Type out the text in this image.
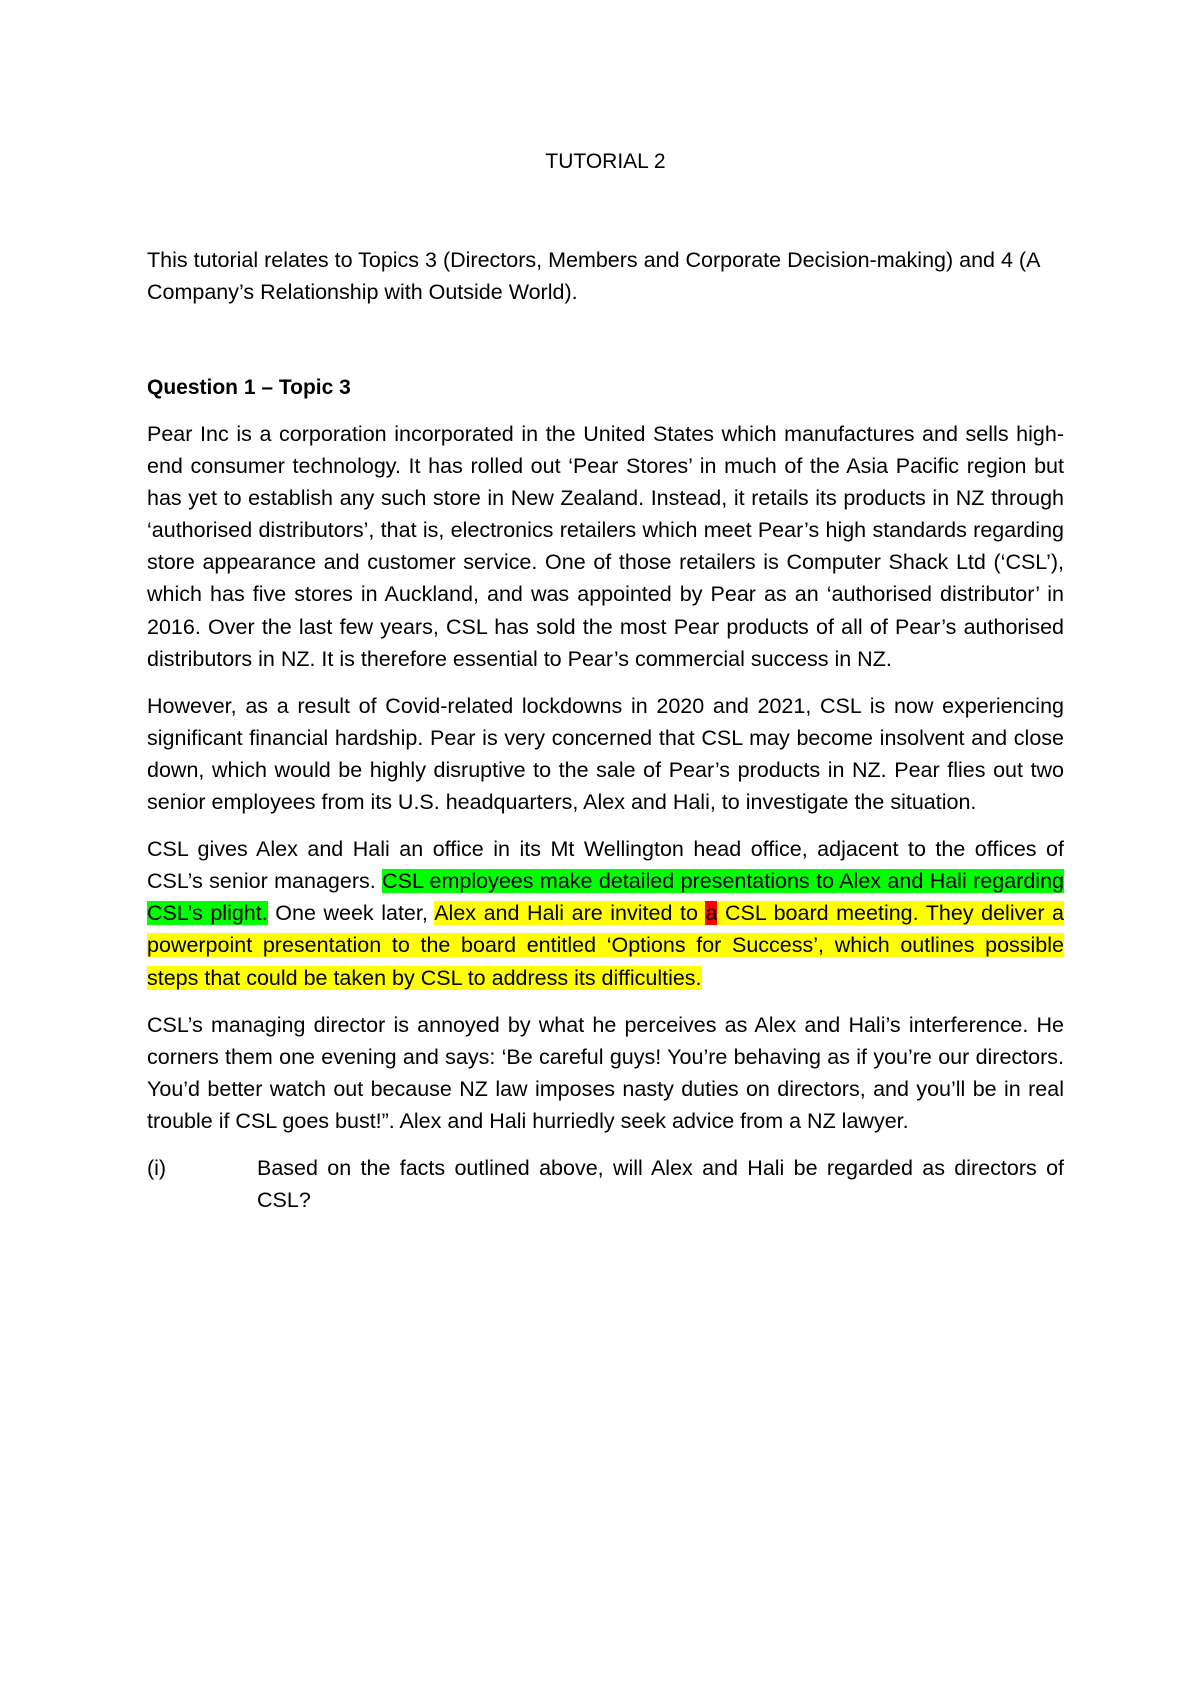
TUTORIAL 2

This tutorial relates to Topics 3 (Directors, Members and Corporate Decision-making) and 4 (A Company’s Relationship with Outside World).

Question 1 – Topic 3

Pear Inc is a corporation incorporated in the United States which manufactures and sells high-end consumer technology. It has rolled out ‘Pear Stores’ in much of the Asia Pacific region but has yet to establish any such store in New Zealand. Instead, it retails its products in NZ through ‘authorised distributors’, that is, electronics retailers which meet Pear’s high standards regarding store appearance and customer service. One of those retailers is Computer Shack Ltd (‘CSL’), which has five stores in Auckland, and was appointed by Pear as an ‘authorised distributor’ in 2016. Over the last few years, CSL has sold the most Pear products of all of Pear’s authorised distributors in NZ. It is therefore essential to Pear’s commercial success in NZ.

However, as a result of Covid-related lockdowns in 2020 and 2021, CSL is now experiencing significant financial hardship. Pear is very concerned that CSL may become insolvent and close down, which would be highly disruptive to the sale of Pear’s products in NZ. Pear flies out two senior employees from its U.S. headquarters, Alex and Hali, to investigate the situation.

CSL gives Alex and Hali an office in its Mt Wellington head office, adjacent to the offices of CSL’s senior managers. CSL employees make detailed presentations to Alex and Hali regarding CSL’s plight. One week later, Alex and Hali are invited to a CSL board meeting. They deliver a powerpoint presentation to the board entitled ‘Options for Success’, which outlines possible steps that could be taken by CSL to address its difficulties.

CSL’s managing director is annoyed by what he perceives as Alex and Hali’s interference. He corners them one evening and says: ‘Be careful guys! You’re behaving as if you’re our directors. You’d better watch out because NZ law imposes nasty duties on directors, and you’ll be in real trouble if CSL goes bust!”. Alex and Hali hurriedly seek advice from a NZ lawyer.

(i)	Based on the facts outlined above, will Alex and Hali be regarded as directors of CSL?
